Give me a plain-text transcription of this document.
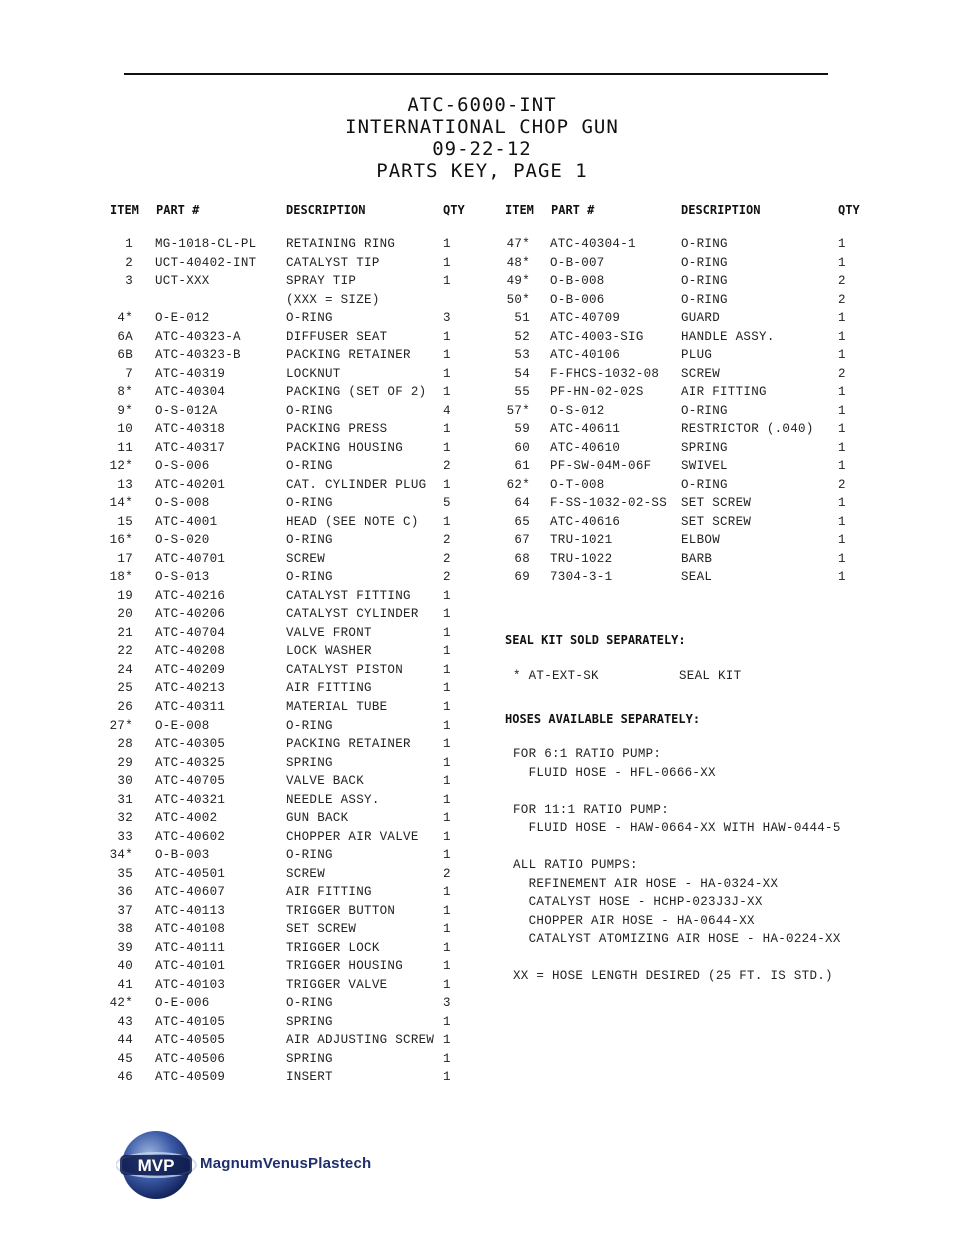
ATC-6000-INT
INTERNATIONAL CHOP GUN
09-22-12
PARTS KEY, PAGE 1
ITEM PART #	DESCRIPTION	QTY	ITEM PART #	DESCRIPTION	QTY
1 MG-1018-CL-PL RETAINING RING	1
2 UCT-40402-INT CATALYST TIP	1
3 UCT-XXX	SPRAY TIP	1
(XXX = SIZE)
4* O-E-012	O-RING	3
6A ATC-40323-A	DIFFUSER SEAT	1
6B ATC-40323-B	PACKING RETAINER	1
7 ATC-40319	LOCKNUT	1
8* ATC-40304	PACKING (SET OF 2) 1
9* O-S-012A	O-RING	4
10 ATC-40318	PACKING PRESS	1
11 ATC-40317	PACKING HOUSING	1
12* O-S-006	O-RING	2
13 ATC-40201	CAT. CYLINDER PLUG 1
14* O-S-008	O-RING	5
15 ATC-4001	HEAD (SEE NOTE C) 1
16* O-S-020	O-RING	2
17 ATC-40701	SCREW	2
18* O-S-013	O-RING	2
19 ATC-40216	CATALYST FITTING	1
20 ATC-40206	CATALYST CYLINDER 1
21 ATC-40704	VALVE FRONT	1
22 ATC-40208	LOCK WASHER	1
24 ATC-40209	CATALYST PISTON	1
25 ATC-40213	AIR FITTING	1
26 ATC-40311	MATERIAL TUBE	1
27* O-E-008	O-RING	1
28 ATC-40305	PACKING RETAINER	1
29 ATC-40325	SPRING	1
30 ATC-40705	VALVE BACK	1
31 ATC-40321	NEEDLE ASSY.	1
32 ATC-4002	GUN BACK	1
33 ATC-40602	CHOPPER AIR VALVE 1
34* O-B-003	O-RING	1
35 ATC-40501	SCREW	2
36 ATC-40607	AIR FITTING	1
37 ATC-40113	TRIGGER BUTTON	1
38 ATC-40108	SET SCREW	1
39 ATC-40111	TRIGGER LOCK	1
40 ATC-40101	TRIGGER HOUSING	1
41 ATC-40103	TRIGGER VALVE	1
42* O-E-006	O-RING	3
43 ATC-40105	SPRING	1
44 ATC-40505	AIR ADJUSTING SCREW 1
45 ATC-40506	SPRING	1
46 ATC-40509	INSERT	1
47* ATC-40304-1	O-RING	1
48* O-B-007	O-RING	1
49* O-B-008	O-RING	2
50* O-B-006	O-RING	2
51 ATC-40709	GUARD	1
52 ATC-4003-SIG	HANDLE ASSY.	1
53 ATC-40106	PLUG	1
54 F-FHCS-1032-08 SCREW	2
55 PF-HN-02-02S	AIR FITTING	1
57* O-S-012	O-RING	1
59 ATC-40611	RESTRICTOR (.040) 1
60 ATC-40610	SPRING	1
61 PF-SW-04M-06F SWIVEL	1
62* O-T-008	O-RING	2
64 F-SS-1032-02-SS SET SCREW	1
65 ATC-40616	SET SCREW	1
67 TRU-1021	ELBOW	1
68 TRU-1022	BARB	1
69 7304-3-1	SEAL	1
SEAL KIT SOLD SEPARATELY:
* AT-EXT-SK	SEAL KIT
HOSES AVAILABLE SEPARATELY:
FOR 6:1 RATIO PUMP:
FLUID HOSE - HFL-0666-XX
FOR 11:1 RATIO PUMP:
FLUID HOSE - HAW-0664-XX WITH HAW-0444-5
ALL RATIO PUMPS:
REFINEMENT AIR HOSE - HA-0324-XX
CATALYST HOSE - HCHP-023J3J-XX
CHOPPER AIR HOSE - HA-0644-XX
CATALYST ATOMIZING AIR HOSE - HA-0224-XX
XX = HOSE LENGTH DESIRED (25 FT. IS STD.)
MVP MagnumVenusPlastech
